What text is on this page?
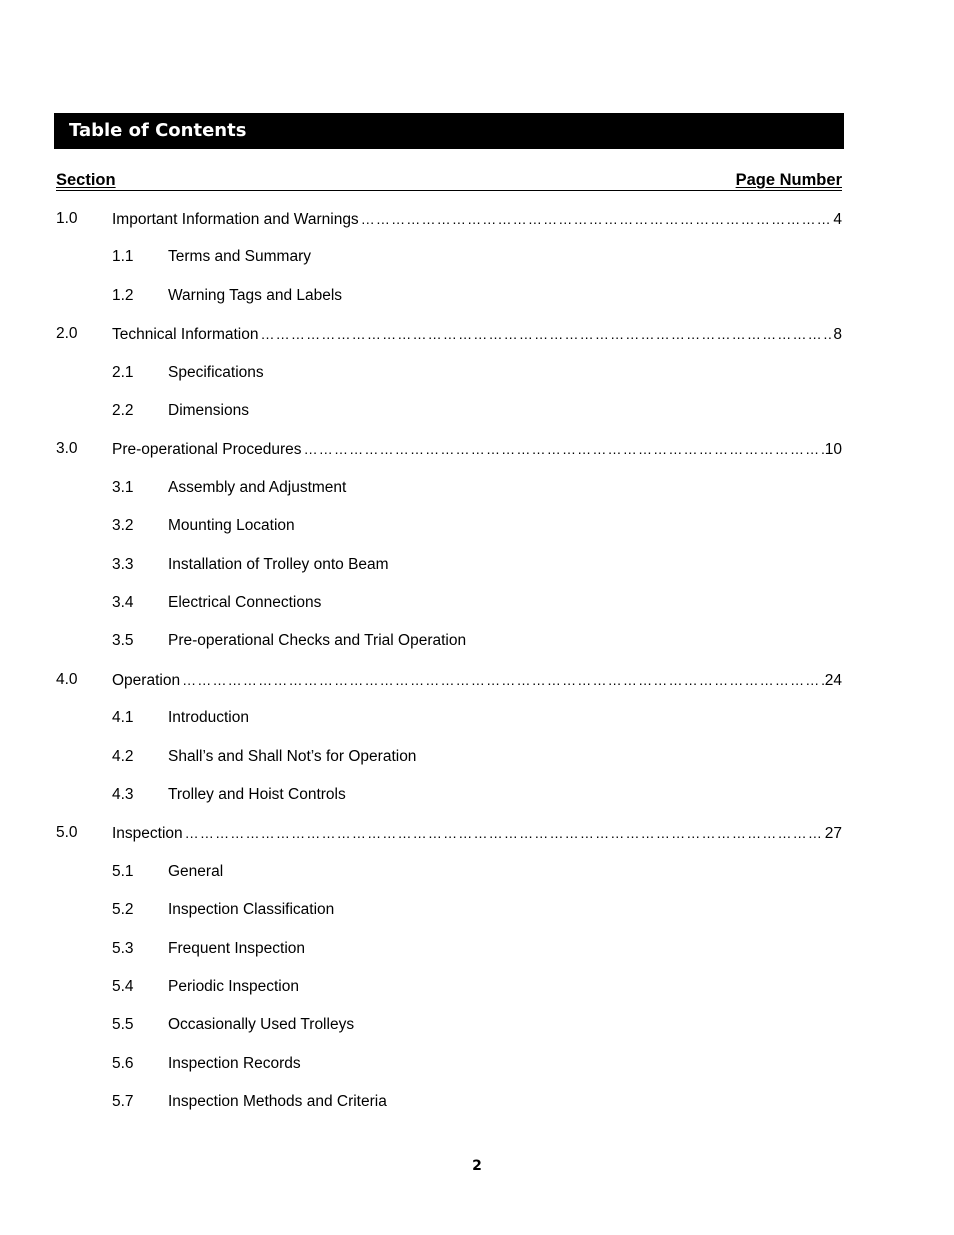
Table of Contents
Section	Page Number
1.0 Important Information and Warnings ………………………………………………………………………………………………………………………………………………………………………………………………	4
1.1 Terms and Summary
1.2 Warning Tags and Labels
2.0 Technical Information ………………………………………………………………………………………………………………………………………………………………………………………………	8
2.1 Specifications
2.2 Dimensions
3.0 Pre-operational Procedures ………………………………………………………………………………………………………………………………………………………………………………………………	10
3.1 Assembly and Adjustment
3.2 Mounting Location
3.3 Installation of Trolley onto Beam
3.4 Electrical Connections
3.5 Pre-operational Checks and Trial Operation
4.0 Operation ………………………………………………………………………………………………………………………………………………………………………………………………	24
4.1 Introduction
4.2 Shall’s and Shall Not’s for Operation
4.3 Trolley and Hoist Controls
5.0 Inspection ………………………………………………………………………………………………………………………………………………………………………………………………	27
5.1 General
5.2 Inspection Classification
5.3 Frequent Inspection
5.4 Periodic Inspection
5.5 Occasionally Used Trolleys
5.6 Inspection Records
5.7 Inspection Methods and Criteria
2
